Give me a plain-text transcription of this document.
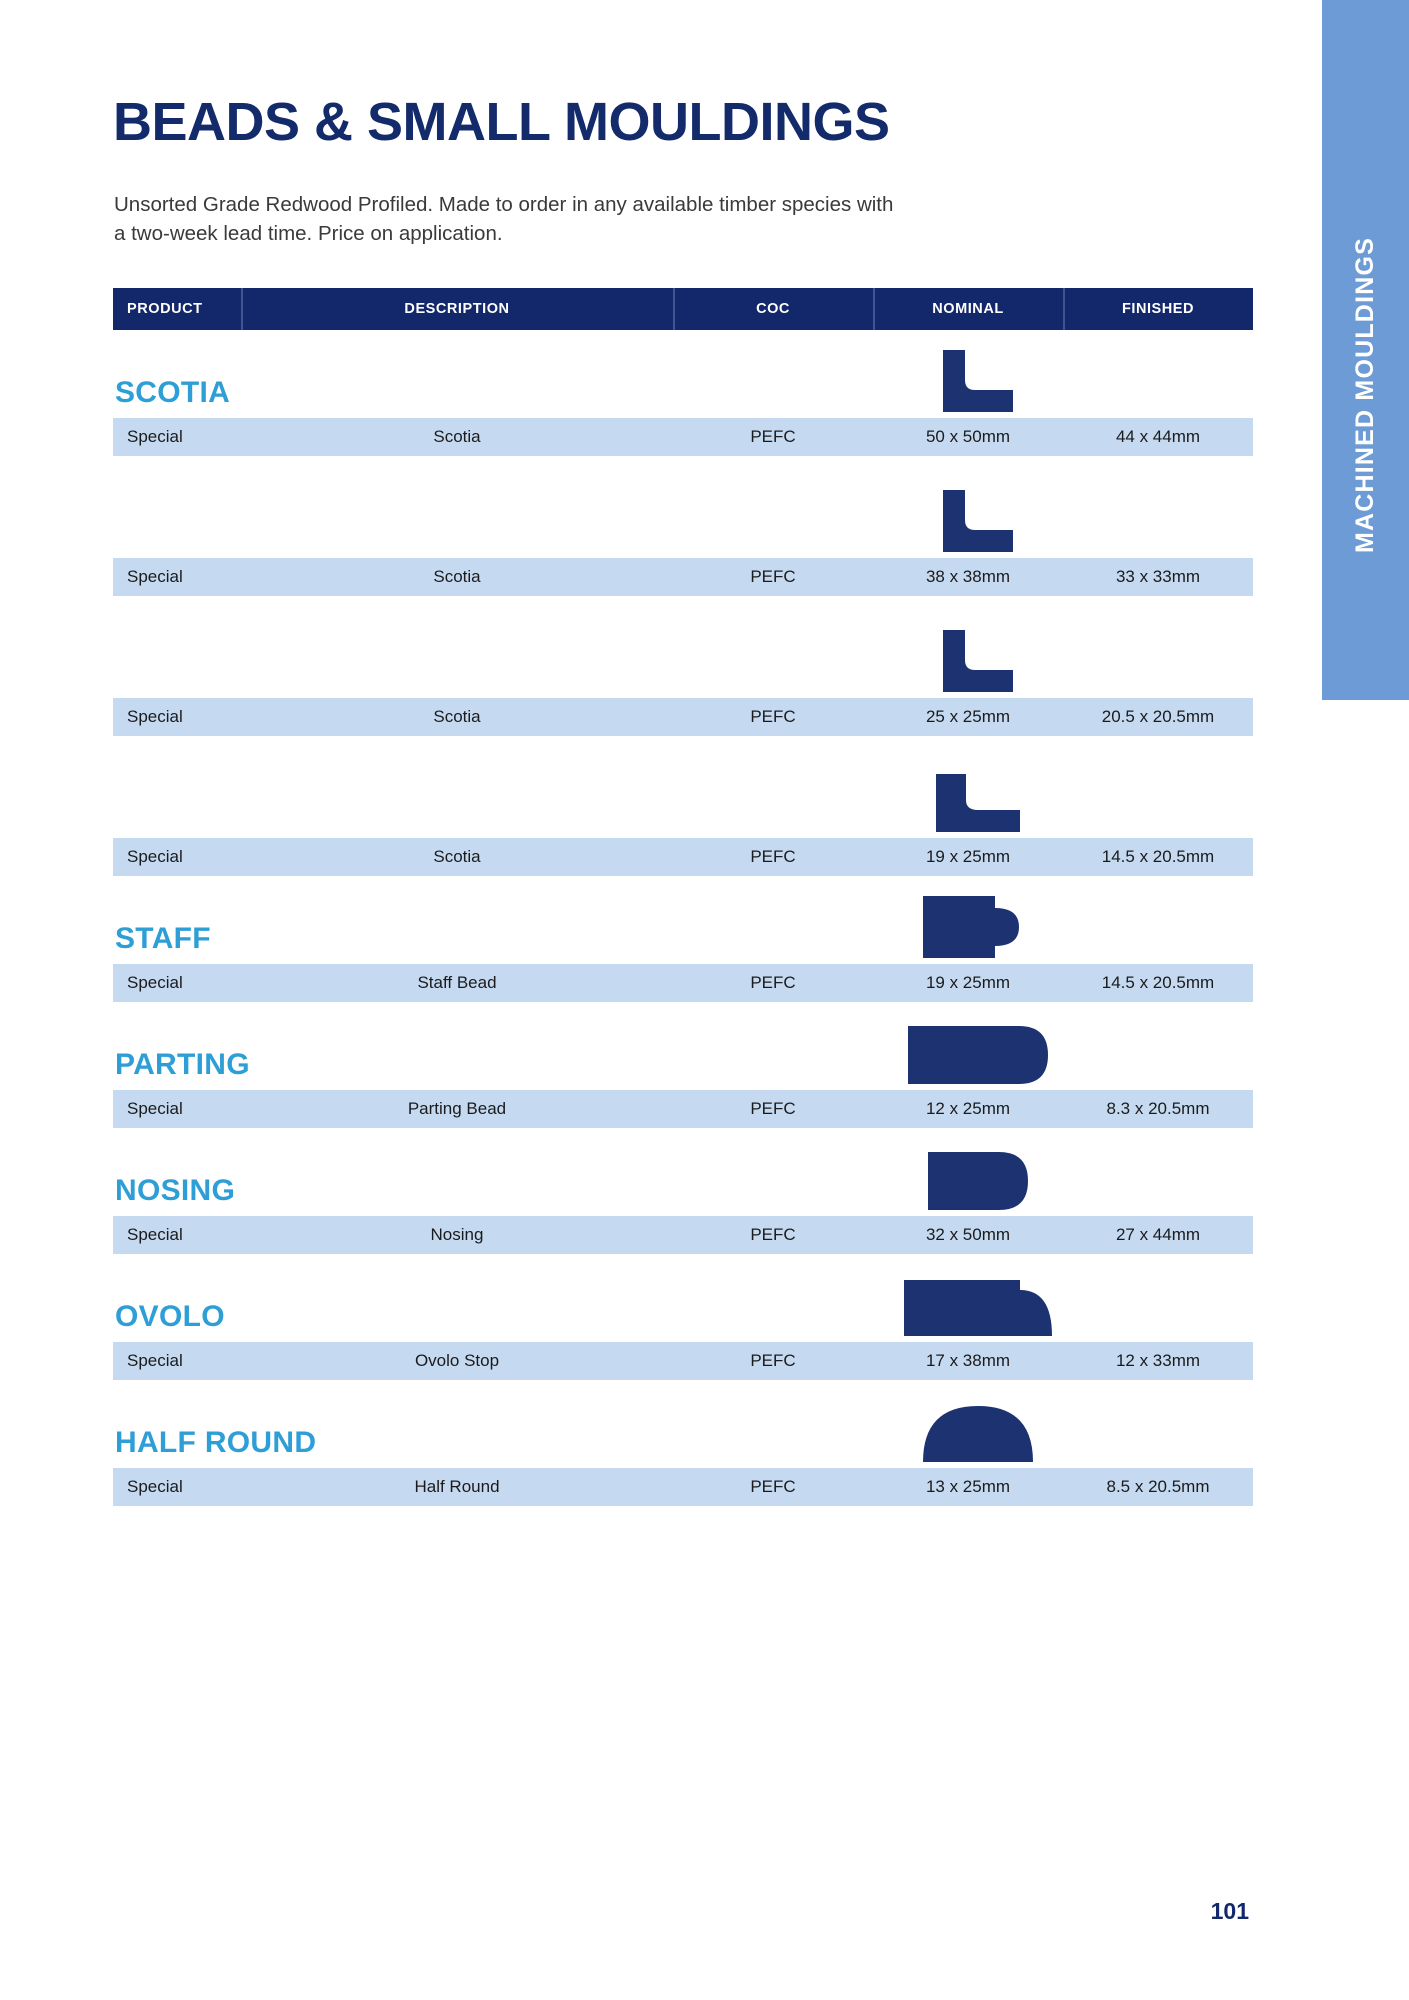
MACHINED MOULDINGS
BEADS & SMALL MOULDINGS

Unsorted Grade Redwood Profiled. Made to order in any available timber species with a two-week lead time. Price on application.

PRODUCT	DESCRIPTION	COC	NOMINAL	FINISHED
SCOTIA
Special	Scotia	PEFC	50 x 50mm	44 x 44mm
Special	Scotia	PEFC	38 x 38mm	33 x 33mm
Special	Scotia	PEFC	25 x 25mm	20.5 x 20.5mm
Special	Scotia	PEFC	19 x 25mm	14.5 x 20.5mm
STAFF
Special	Staff Bead	PEFC	19 x 25mm	14.5 x 20.5mm
PARTING
Special	Parting Bead	PEFC	12 x 25mm	8.3 x 20.5mm
NOSING
Special	Nosing	PEFC	32 x 50mm	27 x 44mm
OVOLO
Special	Ovolo Stop	PEFC	17 x 38mm	12 x 33mm
HALF ROUND
Special	Half Round	PEFC	13 x 25mm	8.5 x 20.5mm
101
